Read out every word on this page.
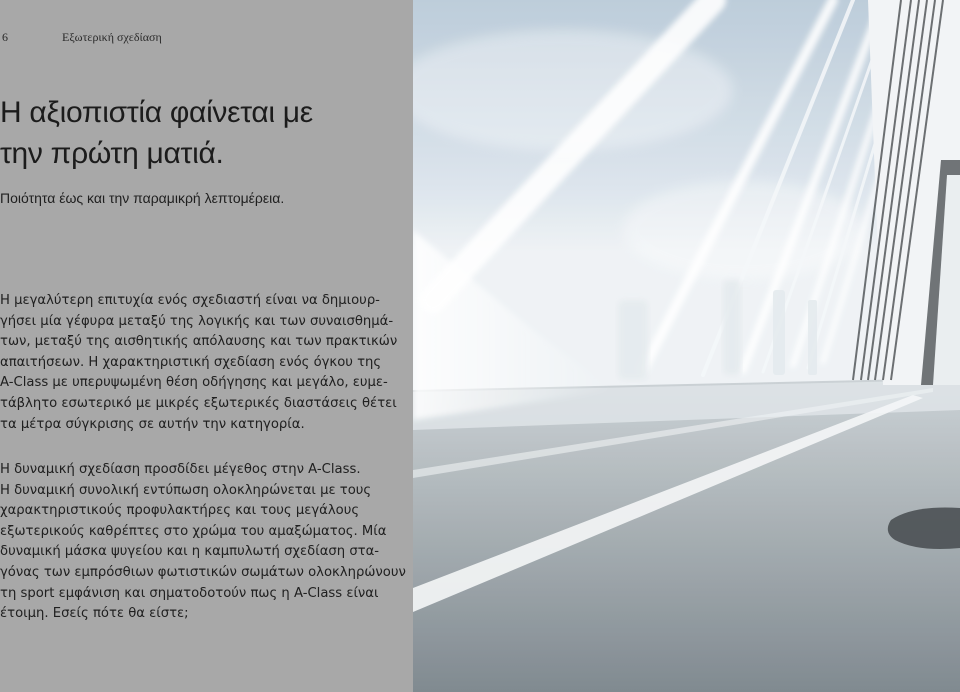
6	Εξωτερική σχεδίαση
Η αξιοπιστία φαίνεται με
την πρώτη ματιά.
Ποιότητα έως και την παραμικρή λεπτομέρεια.
Η μεγαλύτερη επιτυχία ενός σχεδιαστή είναι να δημιουρ-
γήσει μία γέφυρα μεταξύ της λογικής και των συναισθημά-
των, μεταξύ της αισθητικής απόλαυσης και των πρακτικών
απαιτήσεων. Η χαρακτηριστική σχεδίαση ενός όγκου της
A-Class με υπερυψωμένη θέση οδήγησης και μεγάλο, ευμε-
τάβλητο εσωτερικό με μικρές εξωτερικές διαστάσεις θέτει
τα μέτρα σύγκρισης σε αυτήν την κατηγορία.
Η δυναμική σχεδίαση προσδίδει μέγεθος στην A-Class.
Η δυναμική συνολική εντύπωση ολοκληρώνεται με τους
χαρακτηριστικούς προφυλακτήρες και τους μεγάλους
εξωτερικούς καθρέπτες στο χρώμα του αμαξώματος. Μία
δυναμική μάσκα ψυγείου και η καμπυλωτή σχεδίαση στα-
γόνας των εμπρόσθιων φωτιστικών σωμάτων ολοκληρώνουν
τη sport εμφάνιση και σηματοδοτούν πως η A-Class είναι
έτοιμη. Εσείς πότε θα είστε;
